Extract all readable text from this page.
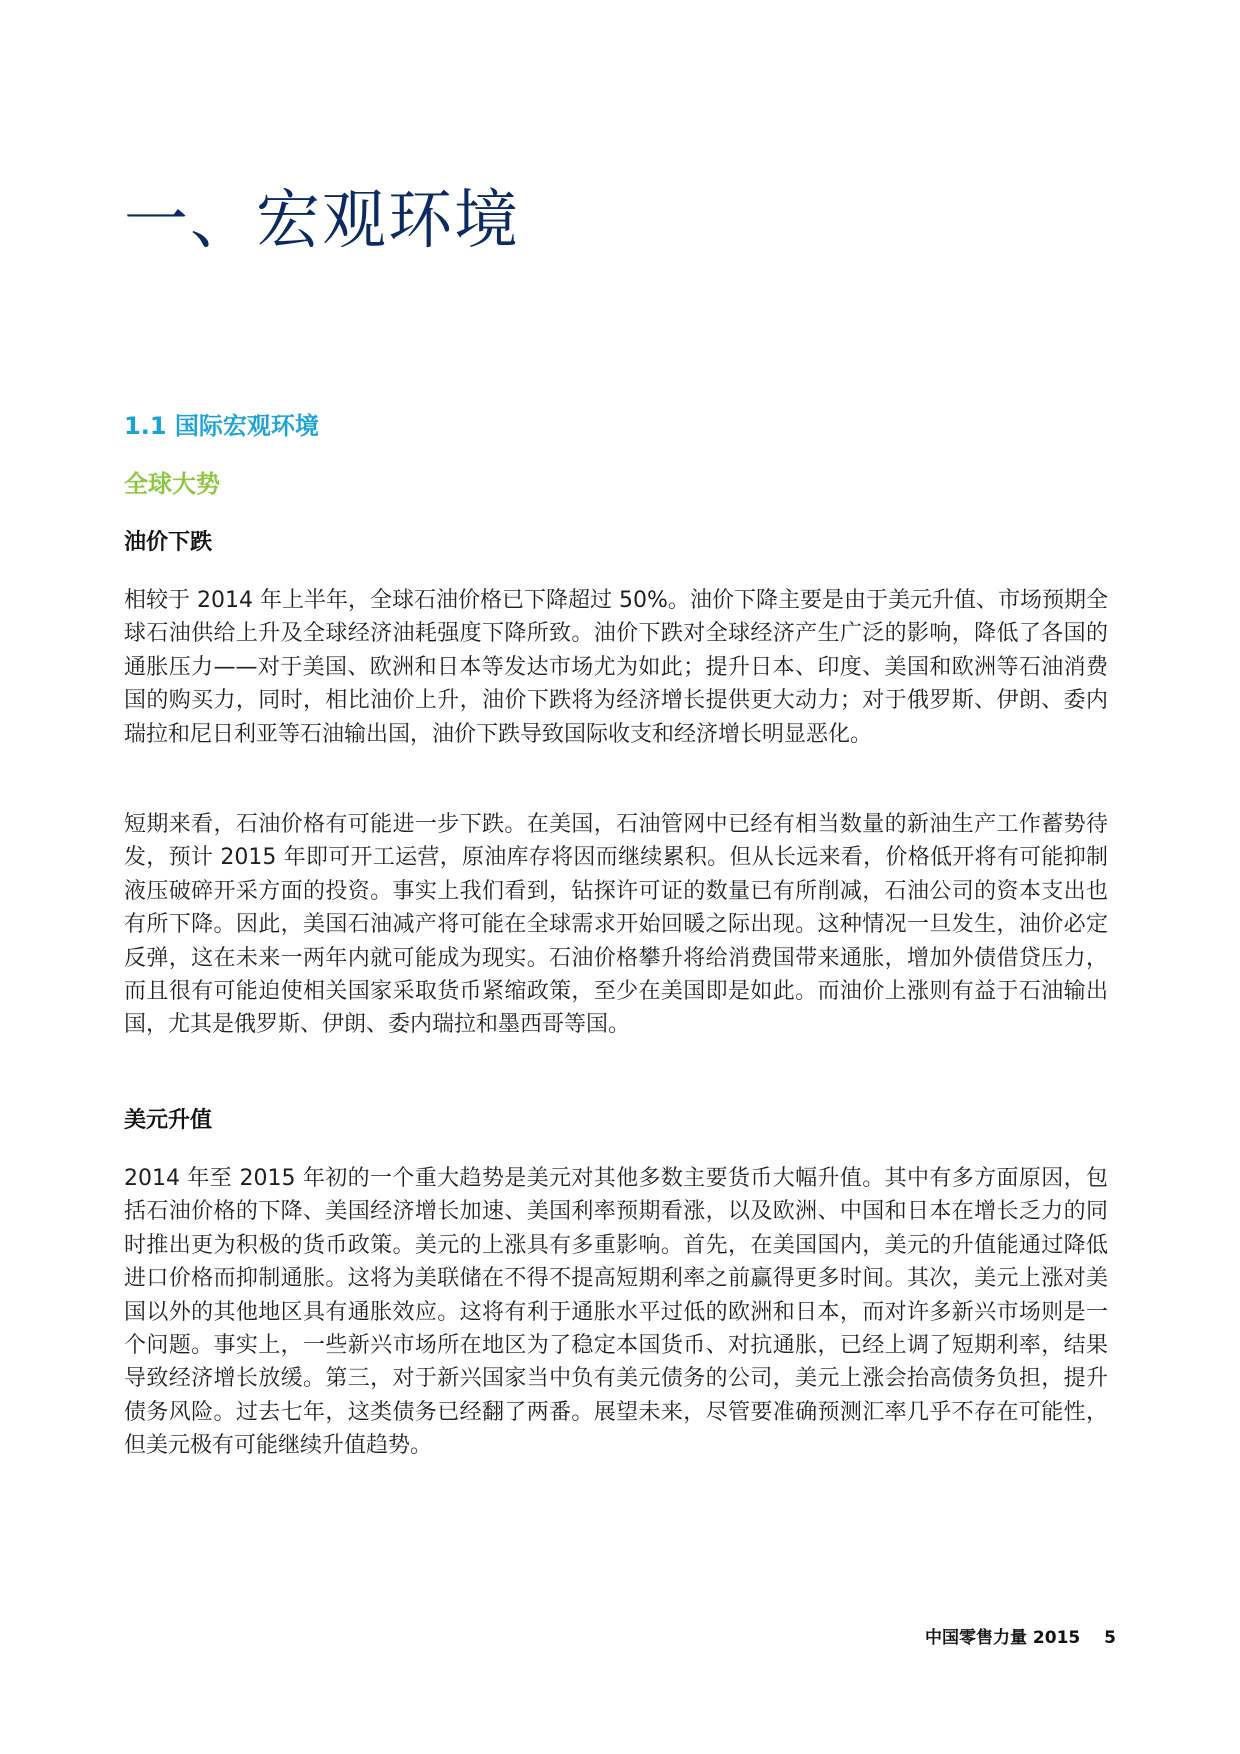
一、宏观环境
1.1 国际宏观环境
全球大势
油价下跌

相较于 2014 年上半年，全球石油价格已下降超过 50%。油价下降主要是由于美元升值、市场预期全球石油供给上升及全球经济油耗强度下降所致。油价下跌对全球经济产生广泛的影响，降低了各国的通胀压力——对于美国、欧洲和日本等发达市场尤为如此；提升日本、印度、美国和欧洲等石油消费国的购买力，同时，相比油价上升，油价下跌将为经济增长提供更大动力；对于俄罗斯、伊朗、委内瑞拉和尼日利亚等石油输出国，油价下跌导致国际收支和经济增长明显恶化。

短期来看，石油价格有可能进一步下跌。在美国，石油管网中已经有相当数量的新油生产工作蓄势待发，预计 2015 年即可开工运营，原油库存将因而继续累积。但从长远来看，价格低开将有可能抑制液压破碎开采方面的投资。事实上我们看到，钻探许可证的数量已有所削减，石油公司的资本支出也有所下降。因此，美国石油减产将可能在全球需求开始回暖之际出现。这种情况一旦发生，油价必定反弹，这在未来一两年内就可能成为现实。石油价格攀升将给消费国带来通胀，增加外债借贷压力，而且很有可能迫使相关国家采取货币紧缩政策，至少在美国即是如此。而油价上涨则有益于石油输出国，尤其是俄罗斯、伊朗、委内瑞拉和墨西哥等国。

美元升值

2014 年至 2015 年初的一个重大趋势是美元对其他多数主要货币大幅升值。其中有多方面原因，包括石油价格的下降、美国经济增长加速、美国利率预期看涨，以及欧洲、中国和日本在增长乏力的同时推出更为积极的货币政策。美元的上涨具有多重影响。首先，在美国国内，美元的升值能通过降低进口价格而抑制通胀。这将为美联储在不得不提高短期利率之前赢得更多时间。其次，美元上涨对美国以外的其他地区具有通胀效应。这将有利于通胀水平过低的欧洲和日本，而对许多新兴市场则是一个问题。事实上，一些新兴市场所在地区为了稳定本国货币、对抗通胀，已经上调了短期利率，结果导致经济增长放缓。第三，对于新兴国家当中负有美元债务的公司，美元上涨会抬高债务负担，提升债务风险。过去七年，这类债务已经翻了两番。展望未来，尽管要准确预测汇率几乎不存在可能性，但美元极有可能继续升值趋势。

中国零售力量 2015 5
